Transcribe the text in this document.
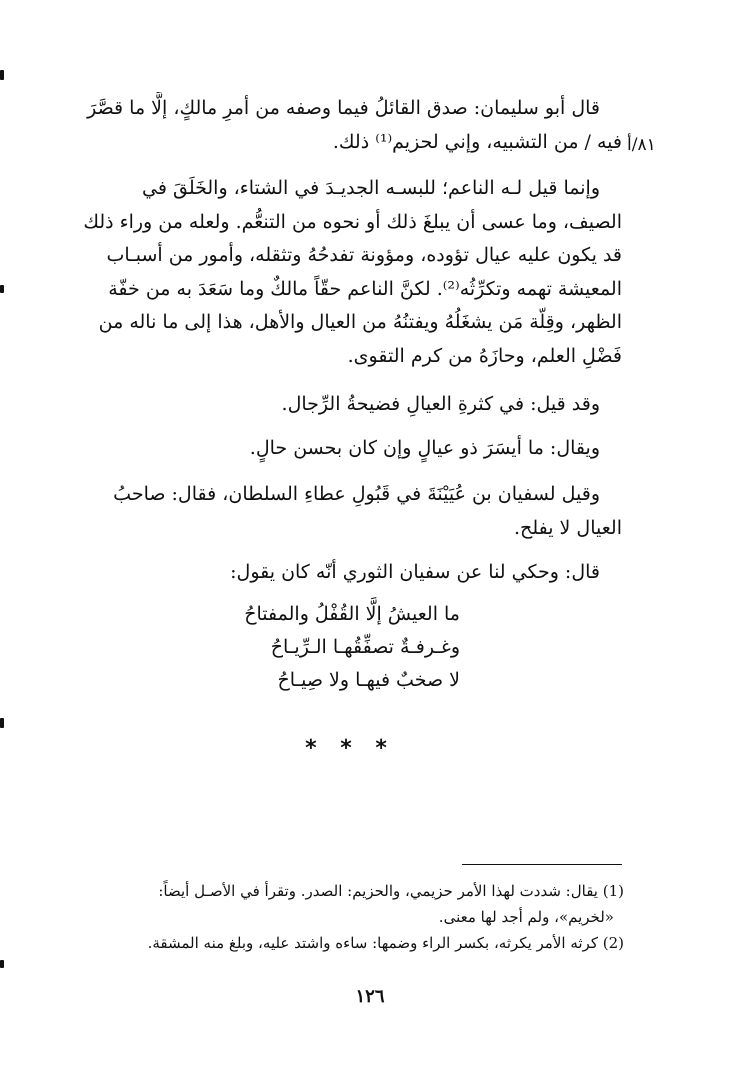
٨١/أ
قال أبو سليمان: صدق القائلُ فيما وصفه من أمرِ مالكٍ، إلَّا ما قصَّرَ
فيه / من التشبيه، وإني لحزيم⁽¹⁾ ذلك.
وإنما قيل لـه الناعم؛ للبسـه الجديـدَ في الشتاء، والخَلَقَ في
الصيف، وما عسى أن يبلغَ ذلك أو نحوه من التنعُّم. ولعله من وراء ذلك
قد يكون عليه عيال تؤوده، ومؤونة تفدحُهُ وتثقله، وأمور من أسبـاب
المعيشة تهمه وتكرِّثُه⁽²⁾. لكنَّ الناعم حقّاً مالكٌ وما سَعَدَ به من خفّة
الظهر، وقِلّة مَن يشغَلُهُ ويفتنُهُ من العيال والأهل، هذا إلى ما ناله من
فَضْلِ العلم، وحازَهُ من كرم التقوى.
وقد قيل: في كثرةِ العيالِ فضيحةُ الرِّجال.
ويقال: ما أيسَرَ ذو عيالٍ وإن كان بحسن حالٍ.
وقيل لسفيان بن عُيَيْنَةَ في قَبُولِ عطاءِ السلطان، فقال: صاحبُ
العيال لا يفلح.
قال: وحكي لنا عن سفيان الثوري أنّه كان يقول:
ما العيشُ إلَّا القُفْلُ والمفتاحُ
وغـرفـةٌ تصفِّقُهـا الـرِّيـاحُ
لا صخبٌ فيهـا ولا صِيـاحُ
* * *
(1) يقال: شددت لهذا الأمر حزيمي، والحزيم: الصدر. وتقرأ في الأصـل أيضاً:
«لخريم»، ولم أجد لها معنى.
(2) كرثه الأمر يكرثه، بكسر الراء وضمها: ساءه واشتد عليه، وبلغ منه المشقة.
١٢٦
